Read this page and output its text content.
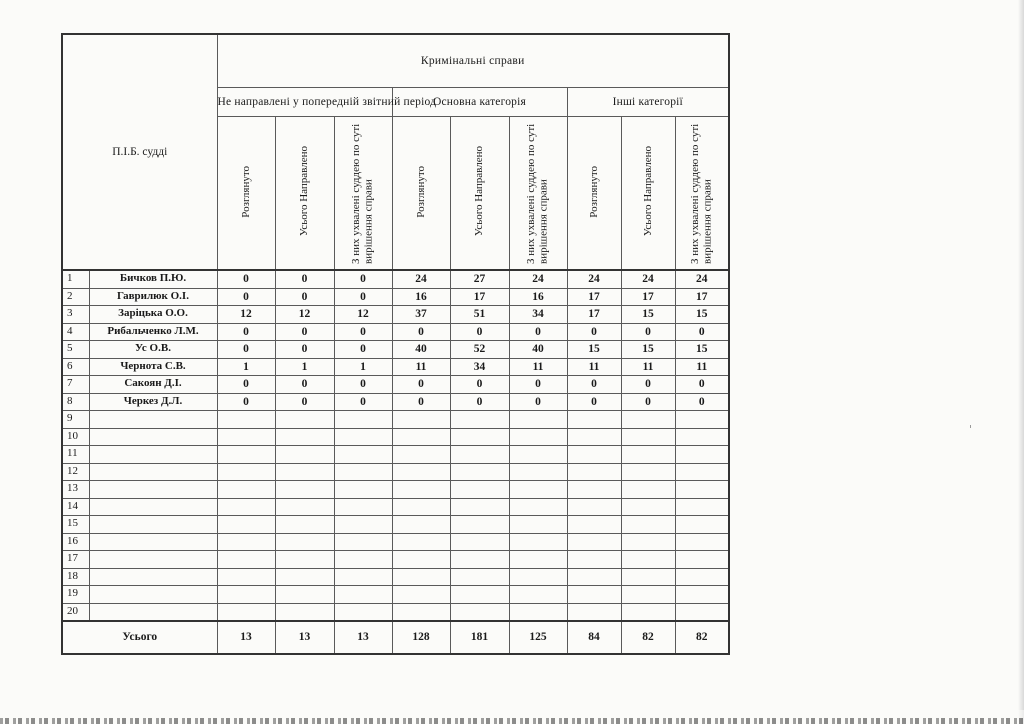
П.І.Б. судді		Кримінальні справи								
		Не направлені у попередній звітний період			Основна категорія			Інші категорії		
		Розглянуто	Усього Направлено	З них ухвалені суддею по суті вирішення справи	Розглянуто	Усього Направлено	З них ухвалені суддею по суті вирішення справи	Розглянуто	Усього Направлено	З них ухвалені суддею по суті вирішення справи
1	Бичков П.Ю.	0	0	0	24	27	24	24	24	24
2	Гаврилюк О.І.	0	0	0	16	17	16	17	17	17
3	Заріцька О.О.	12	12	12	37	51	34	17	15	15
4	Рибальченко Л.М.	0	0	0	0	0	0	0	0	0
5	Ус О.В.	0	0	0	40	52	40	15	15	15
6	Чернота С.В.	1	1	1	11	34	11	11	11	11
7	Сакоян Д.І.	0	0	0	0	0	0	0	0	0
8	Черкез Д.Л.	0	0	0	0	0	0	0	0	0
9										
10										
11										
12										
13										
14										
15										
16										
17										
18										
19										
20										
Усього		13	13	13	128	181	125	84	82	82
